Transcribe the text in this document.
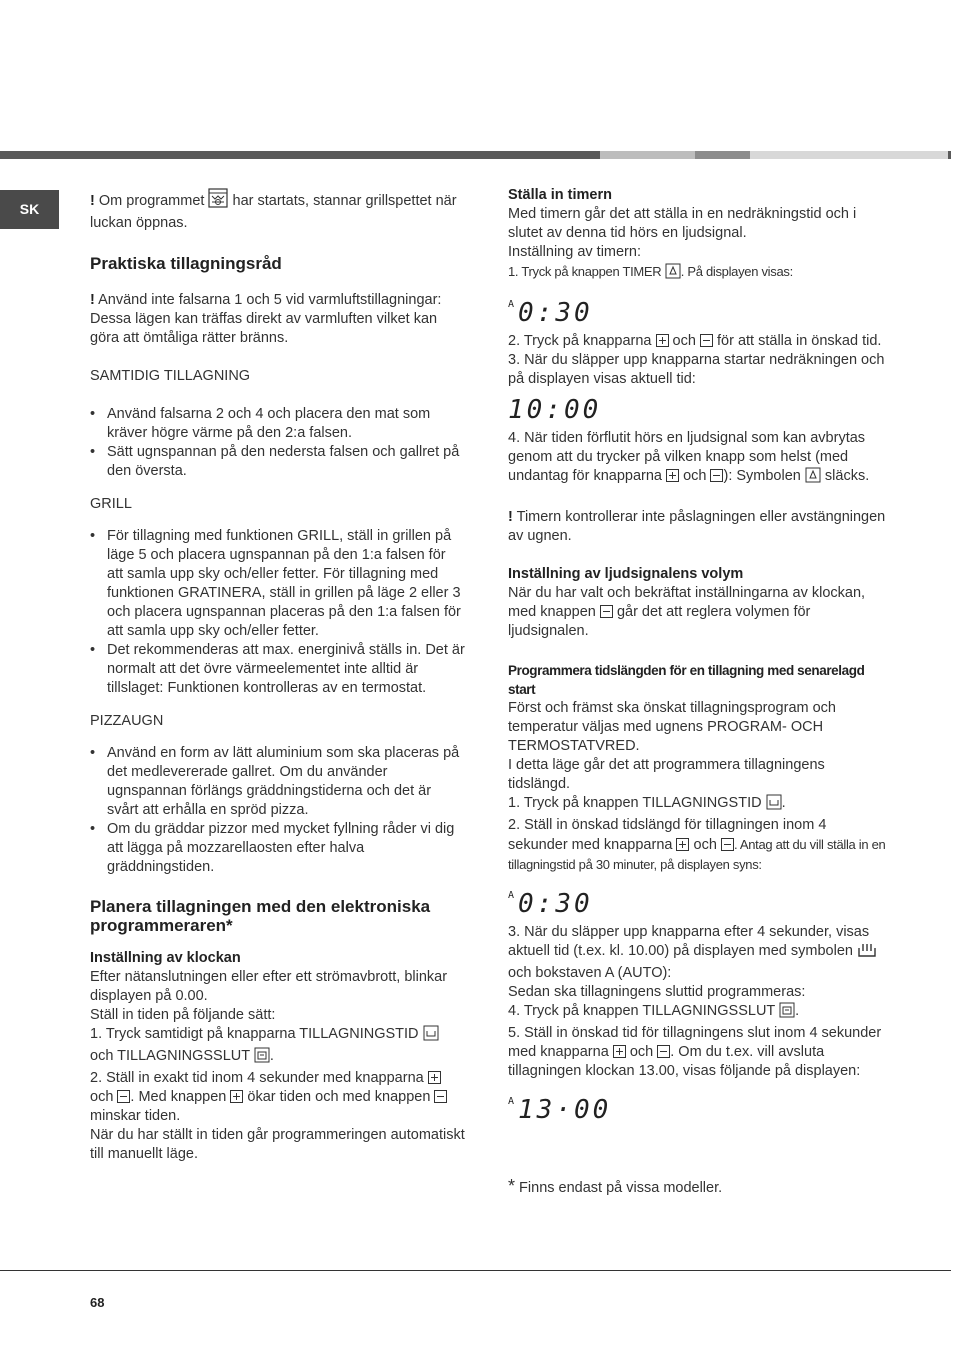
SK	! Om programmet har startats, stannar grillspettet när luckan öppnas.

Praktiska tillagningsråd

! Använd inte falsarna 1 och 5 vid varmluftstillagningar: Dessa lägen kan träffas direkt av varmluften vilket kan göra att ömtåliga rätter bränns.

SAMTIDIG TILLAGNING

• Använd falsarna 2 och 4 och placera den mat som kräver högre värme på den 2:a falsen.
• Sätt ugnspannan på den nedersta falsen och gallret på den översta.

GRILL

• För tillagning med funktionen GRILL, ställ in grillen på läge 5 och placera ugnspannan på den 1:a falsen för att samla upp sky och/eller fetter. För tillagning med funktionen GRATINERA, ställ in grillen på läge 2 eller 3 och placera ugnspannan placeras på den 1:a falsen för att samla upp sky och/eller fetter.
• Det rekommenderas att max. energinivå ställs in. Det är normalt att det övre värmeelementet inte alltid är tillslaget: Funktionen kontrolleras av en termostat.

PIZZAUGN

• Använd en form av lätt aluminium som ska placeras på det medlevererade gallret. Om du använder ugnspannan förlängs gräddningstiderna och det är svårt att erhålla en spröd pizza.
• Om du gräddar pizzor med mycket fyllning råder vi dig att lägga på mozzarellaosten efter halva gräddningstiden.
Planera tillagningen med den elektroniska programmeraren*
Inställning av klockan

Efter nätanslutningen eller efter ett strömavbrott, blinkar displayen på 0.00.

Ställ in tiden på följande sätt:

1. Tryck samtidigt på knapparna TILLAGNINGSTID  och TILLAGNINGSSLUT .

2. Ställ in exakt tid inom 4 sekunder med knapparna  och . Med knappen ökar tiden och med knappen  minskar tiden.

När du har ställt in tiden går programmeringen automatiskt till manuellt läge.

Ställa in timern

Med timern går det att ställa in en nedräkningstid och i slutet av denna tid hörs en ljudsignal.

Inställning av timern:

1. Tryck på knappen TIMER . På displayen visas:

$^A$ 0:30

2. Tryck på knapparna och för att ställa in önskad tid.

3. När du släpper upp knapparna startar nedräkningen och på displayen visas aktuell tid:

10:00

4. När tiden förflutit hörs en ljudsignal som kan avbrytas genom att du trycker på vilken knapp som helst (med undantag för knapparna och ): Symbolen släcks.

! Timern kontrollerar inte påslagningen eller avstängningen av ugnen.

Inställning av ljudsignalens volym

När du har valt och bekräftat inställningarna av klockan, med knappen går det att reglera volymen för ljudsignalen.

Programmera tidslängden för en tillagning med senarelagd start

Först och främst ska önskat tillagningsprogram och temperatur väljas med ugnens PROGRAM- OCH TERMOSTATVRED.

I detta läge går det att programmera tillagningens tidslängd.

1. Tryck på knappen TILLAGNINGSTID .

2. Ställ in önskad tidslängd för tillagningen inom 4 sekunder med knapparna och . Antag att du vill ställa in en tillagningstid på 30 minuter, på displayen syns:

$^A$ 0:30

3. När du släpper upp knapparna efter 4 sekunder, visas aktuell tid (t.ex. kl. 10.00) på displayen med symbolen  och bokstaven A (AUTO):

Sedan ska tillagningens sluttid programmeras:

4. Tryck på knappen TILLAGNINGSSLUT .

5. Ställ in önskad tid för tillagningens slut inom 4 sekunder med knapparna och . Om du t.ex. vill avsluta tillagningen klockan 13.00, visas följande på displayen:

$^A$ 13·00

* Finns endast på vissa modeller.

68
